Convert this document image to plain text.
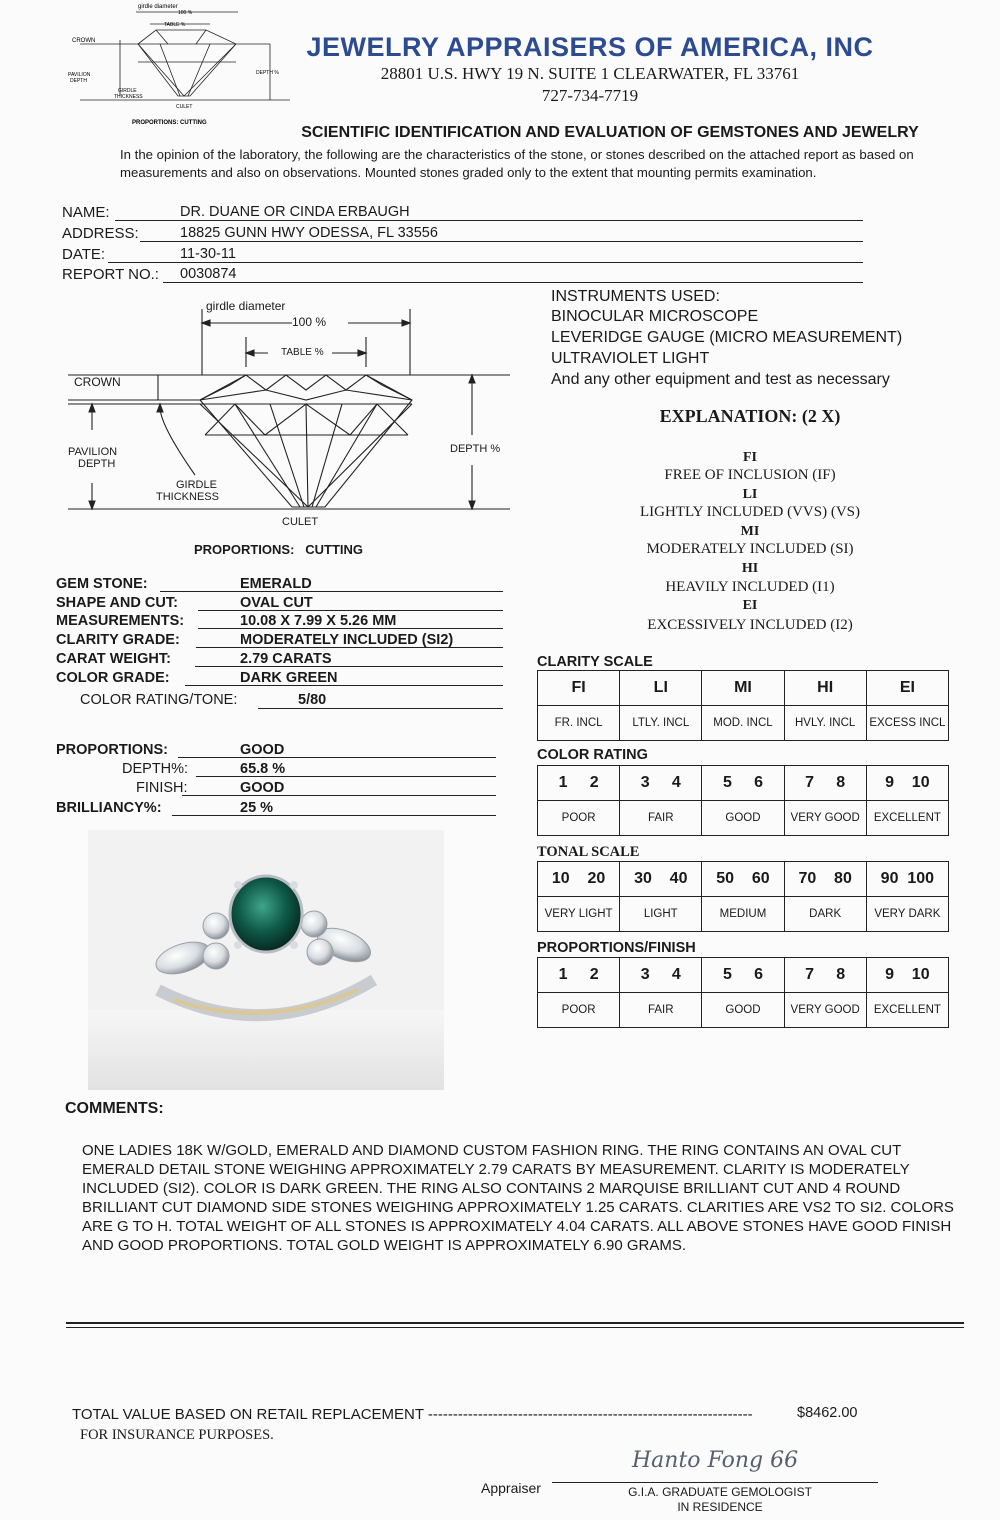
girdle diameter
100 %
TABLE %
CROWN
PAVILION
DEPTH
GIRDLE
THICKNESS
DEPTH %
CULET
PROPORTIONS: CUTTING
JEWELRY APPRAISERS OF AMERICA, INC
28801 U.S. HWY 19 N. SUITE 1 CLEARWATER, FL 33761
727-734-7719
SCIENTIFIC IDENTIFICATION AND EVALUATION OF GEMSTONES AND JEWELRY
In the opinion of the laboratory, the following are the characteristics of the stone, or stones described on the attached report as based on measurements and also on observations. Mounted stones graded only to the extent that mounting permits examination.
NAME:	DR. DUANE OR CINDA ERBAUGH
ADDRESS:	18825 GUNN HWY ODESSA, FL 33556
DATE:	11-30-11
REPORT NO.: 0030874
girdle diameter
100 %
TABLE %
CROWN
PAVILION
DEPTH
GIRDLE
THICKNESS
DEPTH %
CULET
PROPORTIONS:   CUTTING
INSTRUMENTS USED:
BINOCULAR MICROSCOPE
LEVERIDGE GAUGE (MICRO MEASUREMENT)
ULTRAVIOLET LIGHT
And any other equipment and test as necessary
EXPLANATION: (2 X)
FI
FREE OF INCLUSION (IF)
LI
LIGHTLY INCLUDED (VVS) (VS)
MI
MODERATELY INCLUDED (SI)
HI
HEAVILY INCLUDED (I1)
EI
EXCESSIVELY INCLUDED (I2)
GEM STONE:	EMERALD
SHAPE AND CUT:	OVAL CUT
MEASUREMENTS:	10.08 X 7.99 X 5.26 MM
CLARITY GRADE:	MODERATELY INCLUDED (SI2)
CARAT WEIGHT:	2.79 CARATS
COLOR GRADE:	DARK GREEN
COLOR RATING/TONE:	5/80
PROPORTIONS:	GOOD
DEPTH%:	65.8 %
FINISH:	GOOD
BRILLIANCY%:	25 %
CLARITY SCALE
FI	LI	MI	HI	EI
FR. INCL	LTLY. INCL	MOD. INCL	HVLY. INCL	EXCESS INCL
COLOR RATING
1     2	3     4	5     6	7     8	9    10
POOR	FAIR	GOOD	VERY GOOD	EXCELLENT
TONAL SCALE
10    20	30    40	50    60	70    80	90  100
VERY LIGHT	LIGHT	MEDIUM	DARK	VERY DARK
PROPORTIONS/FINISH
1     2	3     4	5     6	7     8	9    10
POOR	FAIR	GOOD	VERY GOOD	EXCELLENT
COMMENTS:
ONE LADIES 18K W/GOLD, EMERALD AND DIAMOND CUSTOM FASHION RING. THE RING CONTAINS AN OVAL CUT EMERALD DETAIL STONE WEIGHING APPROXIMATELY 2.79 CARATS BY MEASUREMENT. CLARITY IS MODERATELY INCLUDED (SI2). COLOR IS DARK GREEN. THE RING ALSO CONTAINS 2 MARQUISE BRILLIANT CUT AND 4 ROUND BRILLIANT CUT DIAMOND SIDE STONES WEIGHING APPROXIMATELY 1.25 CARATS. CLARITIES ARE VS2 TO SI2. COLORS ARE G TO H. TOTAL WEIGHT OF ALL STONES IS APPROXIMATELY 4.04 CARATS. ALL ABOVE STONES HAVE GOOD FINISH AND GOOD PROPORTIONS. TOTAL GOLD WEIGHT IS APPROXIMATELY 6.90 GRAMS.
TOTAL VALUE BASED ON RETAIL REPLACEMENT -----------------------------------------------------------------	$8462.00
FOR INSURANCE PURPOSES.
Hanto Fong 66
Appraiser	G.I.A. GRADUATE GEMOLOGIST
IN RESIDENCE
